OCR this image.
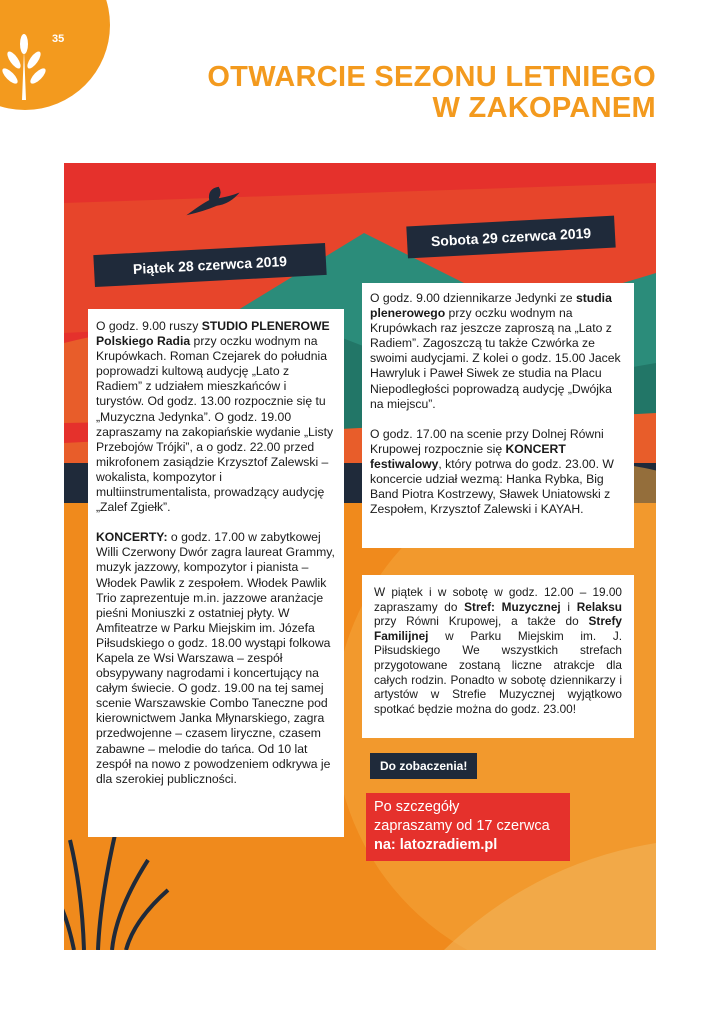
35
OTWARCIE SEZONU LETNIEGO
W ZAKOPANEM
Piątek 28 czerwca 2019
Sobota 29 czerwca 2019

O godz. 9.00 ruszy STUDIO PLENEROWE Polskiego Radia przy oczku wodnym na Krupówkach. Roman Czejarek do południa poprowadzi kultową audycję „Lato z Radiem” z udziałem mieszkańców i turystów. Od godz. 13.00 rozpocznie się tu „Muzyczna Jedynka”. O godz. 19.00 zapraszamy na zakopiańskie wydanie „Listy Przebojów Trójki”, a o godz. 22.00 przed mikrofonem zasiądzie Krzysztof Zalewski – wokalista, kompozytor i multiinstrumentalista, prowadzący audycję „Zalef Zgiełk”.

KONCERTY: o godz. 17.00 w zabytkowej Willi Czerwony Dwór zagra laureat Grammy, muzyk jazzowy, kompozytor i pianista – Włodek Pawlik z zespołem. Włodek Pawlik Trio zaprezentuje m.in. jazzowe aranżacje pieśni Moniuszki z ostatniej płyty. W Amfiteatrze w Parku Miejskim im. Józefa Piłsudskiego o godz. 18.00 wystąpi folkowa Kapela ze Wsi Warszawa – zespół obsypywany nagrodami i koncertujący na całym świecie. O godz. 19.00 na tej samej scenie Warszawskie Combo Taneczne pod kierownictwem Janka Młynarskiego, zagra przedwojenne – czasem liryczne, czasem zabawne – melodie do tańca. Od 10 lat zespół na nowo z powodzeniem odkrywa je dla szerokiej publiczności.

O godz. 9.00 dziennikarze Jedynki ze studia plenerowego przy oczku wodnym na Krupówkach raz jeszcze zaproszą na „Lato z Radiem”. Zagoszczą tu także Czwórka ze swoimi audycjami. Z kolei o godz. 15.00 Jacek Hawryluk i Paweł Siwek ze studia na Placu Niepodległości poprowadzą audycję „Dwójka na miejscu”.

O godz. 17.00 na scenie przy Dolnej Równi Krupowej rozpocznie się KONCERT festiwalowy, który potrwa do godz. 23.00. W koncercie udział wezmą: Hanka Rybka, Big Band Piotra Kostrzewy, Sławek Uniatowski z Zespołem, Krzysztof Zalewski i KAYAH.

W piątek i w sobotę w godz. 12.00 – 19.00 zapraszamy do Stref: Muzycznej i Relaksu przy Równi Krupowej, a także do Strefy Familijnej w Parku Miejskim im. J. Piłsudskiego We wszystkich strefach przygotowane zostaną liczne atrakcje dla całych rodzin. Ponadto w sobotę dziennikarzy i artystów w Strefie Muzycznej wyjątkowo spotkać będzie można do godz. 23.00!

Do zobaczenia!
Po szczegóły
zapraszamy od 17 czerwca
na: latozradiem.pl
